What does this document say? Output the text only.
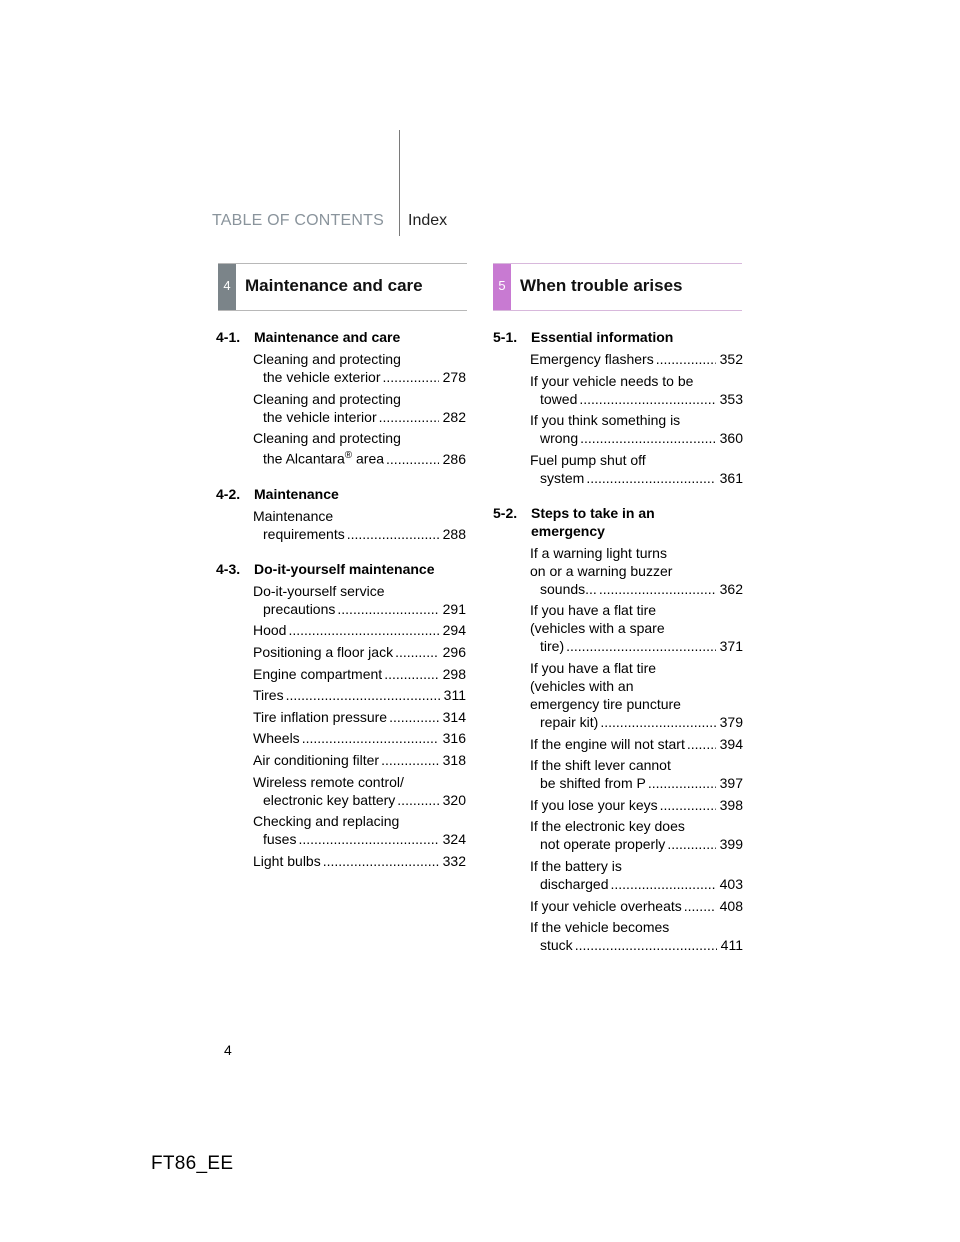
TABLE OF CONTENTS Index
4 Maintenance and care	5 When trouble arises
4-1. Maintenance and care
Cleaning and protecting
the vehicle exterior .....	278
Cleaning and protecting
the vehicle interior .....	282
Cleaning and protecting
the Alcantara® area .....	286
4-2. Maintenance
Maintenance
requirements .....	288
4-3. Do-it-yourself maintenance
Do-it-yourself service
precautions .....	291
Hood .....	294
Positioning a floor jack .....	296
Engine compartment .....	298
Tires .....	311
Tire inflation pressure .....	314
Wheels .....	316
Air conditioning filter .....	318
Wireless remote control/
electronic key battery .....	320
Checking and replacing
fuses .....	324
Light bulbs .....	332
5-1. Essential information
Emergency flashers .....	352
If your vehicle needs to be
towed .....	353
If you think something is
wrong .....	360
Fuel pump shut off
system .....	361
5-2. Steps to take in an
emergency
If a warning light turns
on or a warning buzzer
sounds... .....	362
If you have a flat tire
(vehicles with a spare
tire) .....	371
If you have a flat tire
(vehicles with an
emergency tire puncture
repair kit) .....	379
If the engine will not start ..... 394
If the shift lever cannot
be shifted from P .....	397
If you lose your keys .....	398
If the electronic key does
not operate properly .....	399
If the battery is
discharged .....	403
If your vehicle overheats .....	408
If the vehicle becomes
stuck .....	411
4
FT86_EE
